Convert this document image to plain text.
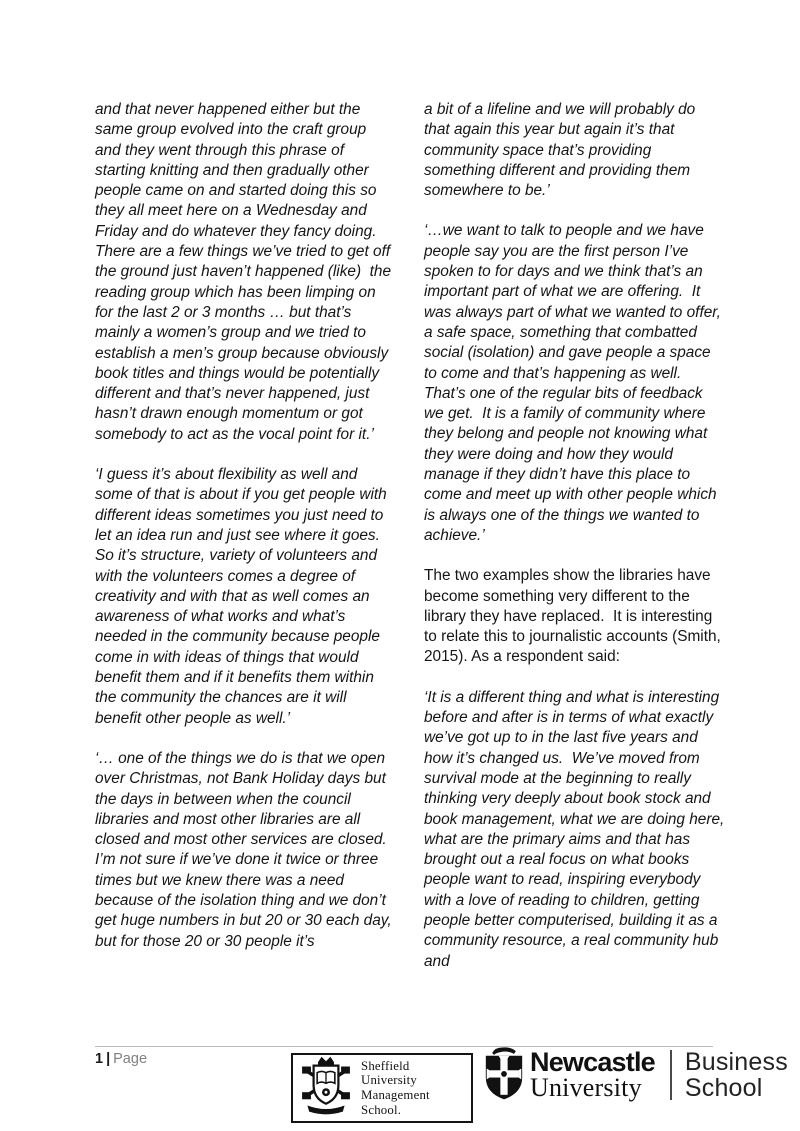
and that never happened either but the same group evolved into the craft group and they went through this phrase of starting knitting and then gradually other people came on and started doing this so they all meet here on a Wednesday and Friday and do whatever they fancy doing.  There are a few things we’ve tried to get off the ground just haven’t happened (like)  the reading group which has been limping on for the last 2 or 3 months … but that’s mainly a women’s group and we tried to establish a men’s group because obviously book titles and things would be potentially different and that’s never happened, just hasn’t drawn enough momentum or got somebody to act as the vocal point for it.’

‘I guess it’s about flexibility as well and some of that is about if you get people with different ideas sometimes you just need to let an idea run and just see where it goes.  So it’s structure, variety of volunteers and with the volunteers comes a degree of creativity and with that as well comes an awareness of what works and what’s needed in the community because people come in with ideas of things that would benefit them and if it benefits them within the community the chances are it will benefit other people as well.’

‘… one of the things we do is that we open over Christmas, not Bank Holiday days but the days in between when the council libraries and most other libraries are all closed and most other services are closed. I’m not sure if we’ve done it twice or three times but we knew there was a need because of the isolation thing and we don’t get huge numbers in but 20 or 30 each day, but for those 20 or 30 people it’s

a bit of a lifeline and we will probably do that again this year but again it’s that community space that’s providing something different and providing them somewhere to be.’

‘…we want to talk to people and we have people say you are the first person I’ve spoken to for days and we think that’s an important part of what we are offering.  It was always part of what we wanted to offer, a safe space, something that combatted social (isolation) and gave people a space to come and that’s happening as well.  That’s one of the regular bits of feedback we get.  It is a family of community where they belong and people not knowing what they were doing and how they would manage if they didn’t have this place to come and meet up with other people which is always one of the things we wanted to achieve.’

The two examples show the libraries have become something very different to the library they have replaced.  It is interesting to relate this to journalistic accounts (Smith, 2015). As a respondent said:

‘It is a different thing and what is interesting before and after is in terms of what exactly we’ve got up to in the last five years and how it’s changed us.  We’ve moved from survival mode at the beginning to really thinking very deeply about book stock and book management, what we are doing here, what are the primary aims and that has brought out a real focus on what books people want to read, inspiring everybody with a love of reading to children, getting people better computerised, building it as a community resource, a real community hub and

1 | Page	Sheffield
University
Management
School.
Newcastle
University
Business
School
